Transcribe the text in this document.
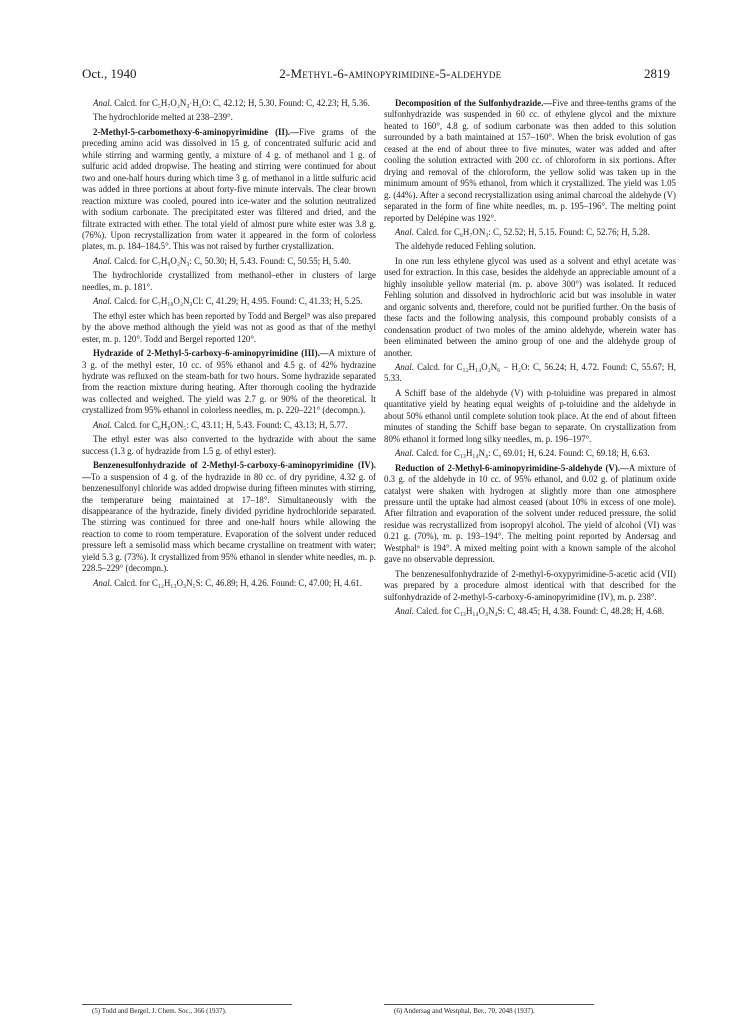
Oct., 1940	2-Methyl-6-aminopyrimidine-5-aldehyde	2819

Anal. Calcd. for C₅H₇O₂N₃·H₂O: C, 42.12; H, 5.30. Found: C, 42.23; H, 5.36.

The hydrochloride melted at 238–239°.

2-Methyl-5-carbomethoxy-6-aminopyrimidine (II).—Five grams of the preceding amino acid was dissolved in 15 g. of concentrated sulfuric acid and while stirring and warming gently, a mixture of 4 g. of methanol and 1 g. of sulfuric acid added dropwise. The heating and stirring were continued for about two and one-half hours during which time 3 g. of methanol in a little sulfuric acid was added in three portions at about forty-five minute intervals. The clear brown reaction mixture was cooled, poured into ice-water and the solution neutralized with sodium carbonate. The precipitated ester was filtered and dried, and the filtrate extracted with ether. The total yield of almost pure white ester was 3.8 g. (76%). Upon recrystallization from water it appeared in the form of colorless plates, m. p. 184–184.5°. This was not raised by further crystallization.

Anal. Calcd. for C₇H₉O₂N₃: C, 50.30; H, 5.43. Found: C, 50.55; H, 5.40.

The hydrochloride crystallized from methanol–ether in clusters of large needles, m. p. 181°.

Anal. Calcd. for C₇H₁₀O₂N₃Cl: C, 41.29; H, 4.95. Found: C, 41.33; H, 5.25.

The ethyl ester which has been reported by Todd and Bergel⁵ was also prepared by the above method although the yield was not as good as that of the methyl ester, m. p. 120°. Todd and Bergel reported 120°.

Hydrazide of 2-Methyl-5-carboxy-6-aminopyrimidine (III).—A mixture of 3 g. of the methyl ester, 10 cc. of 95% ethanol and 4.5 g. of 42% hydrazine hydrate was refluxed on the steam-bath for two hours. Some hydrazide separated from the reaction mixture during heating. After thorough cooling the hydrazide was collected and weighed. The yield was 2.7 g. or 90% of the theoretical. It crystallized from 95% ethanol in colorless needles, m. p. 220–221° (decompn.).

Anal. Calcd. for C₆H₉ON₅: C, 43.11; H, 5.43. Found: C, 43.13; H, 5.77.

The ethyl ester was also converted to the hydrazide with about the same success (1.3 g. of hydrazide from 1.5 g. of ethyl ester).

Benzenesulfonhydrazide of 2-Methyl-5-carboxy-6-aminopyrimidine (IV).—To a suspension of 4 g. of the hydrazide in 80 cc. of dry pyridine, 4.32 g. of benzenesulfonyl chloride was added dropwise during fifteen minutes with stirring, the temperature being maintained at 17–18°. Simultaneously with the disappearance of the hydrazide, finely divided pyridine hydrochloride separated. The stirring was continued for three and one-half hours while allowing the reaction to come to room temperature. Evaporation of the solvent under reduced pressure left a semisolid mass which became crystalline on treatment with water; yield 5.3 g. (73%). It crystallized from 95% ethanol in slender white needles, m. p. 228.5–229° (decompn.).

Anal. Calcd. for C₁₂H₁₃O₃N₅S: C, 46.89; H, 4.26. Found: C, 47.00; H, 4.61.

Decomposition of the Sulfonhydrazide.—Five and three-tenths grams of the sulfonhydrazide was suspended in 60 cc. of ethylene glycol and the mixture heated to 160°, 4.8 g. of sodium carbonate was then added to this solution surrounded by a bath maintained at 157–160°. When the brisk evolution of gas ceased at the end of about three to five minutes, water was added and after cooling the solution extracted with 200 cc. of chloroform in six portions. After drying and removal of the chloroform, the yellow solid was taken up in the minimum amount of 95% ethanol, from which it crystallized. The yield was 1.05 g. (44%). After a second recrystallization using animal charcoal the aldehyde (V) separated in the form of fine white needles, m. p. 195–196°. The melting point reported by Delépine was 192°.

Anal. Calcd. for C₆H₇ON₃: C, 52.52; H, 5.15. Found: C, 52.76; H, 5.28.

The aldehyde reduced Fehling solution.

In one run less ethylene glycol was used as a solvent and ethyl acetate was used for extraction. In this case, besides the aldehyde an appreciable amount of a highly insoluble yellow material (m. p. above 300°) was isolated. It reduced Fehling solution and dissolved in hydrochloric acid but was insoluble in water and organic solvents and, therefore, could not be purified further. On the basis of these facts and the following analysis, this compound probably consists of a condensation product of two moles of the amino aldehyde, wherein water has been eliminated between the amino group of one and the aldehyde group of another.

Anal. Calcd. for C₁₂H₁₄O₂N₆ − H₂O: C, 56.24; H, 4.72. Found: C, 55.67; H, 5.33.

A Schiff base of the aldehyde (V) with p-toluidine was prepared in almost quantitative yield by heating equal weights of p-toluidine and the aldehyde in about 50% ethanol until complete solution took place. At the end of about fifteen minutes of standing the Schiff base began to separate. On crystallization from 80% ethanol it formed long silky needles, m. p. 196–197°.

Anal. Calcd. for C₁₃H₁₄N₄: C, 69.01; H, 6.24. Found: C, 69.18; H, 6.63.

Reduction of 2-Methyl-6-aminopyrimidine-5-aldehyde (V).—A mixture of 0.3 g. of the aldehyde in 10 cc. of 95% ethanol, and 0.02 g. of platinum oxide catalyst were shaken with hydrogen at slightly more than one atmosphere pressure until the uptake had almost ceased (about 10% in excess of one mole). After filtration and evaporation of the solvent under reduced pressure, the solid residue was recrystallized from isopropyl alcohol. The yield of alcohol (VI) was 0.21 g. (70%), m. p. 193–194°. The melting point reported by Andersag and Westphal⁶ is 194°. A mixed melting point with a known sample of the alcohol gave no observable depression.

The benzenesulfonhydrazide of 2-methyl-6-oxypyrimidine-5-acetic acid (VII) was prepared by a procedure almost identical with that described for the sulfonhydrazide of 2-methyl-5-carboxy-6-aminopyrimidine (IV), m. p. 238°.

Anal. Calcd. for C₁₃H₁₄O₄N₄S: C, 48.45; H, 4.38. Found: C, 48.28; H, 4.68.

(5) Todd and Bergel, J. Chem. Soc., 366 (1937).	(6) Andersag and Westphal, Ber., 70, 2048 (1937).
